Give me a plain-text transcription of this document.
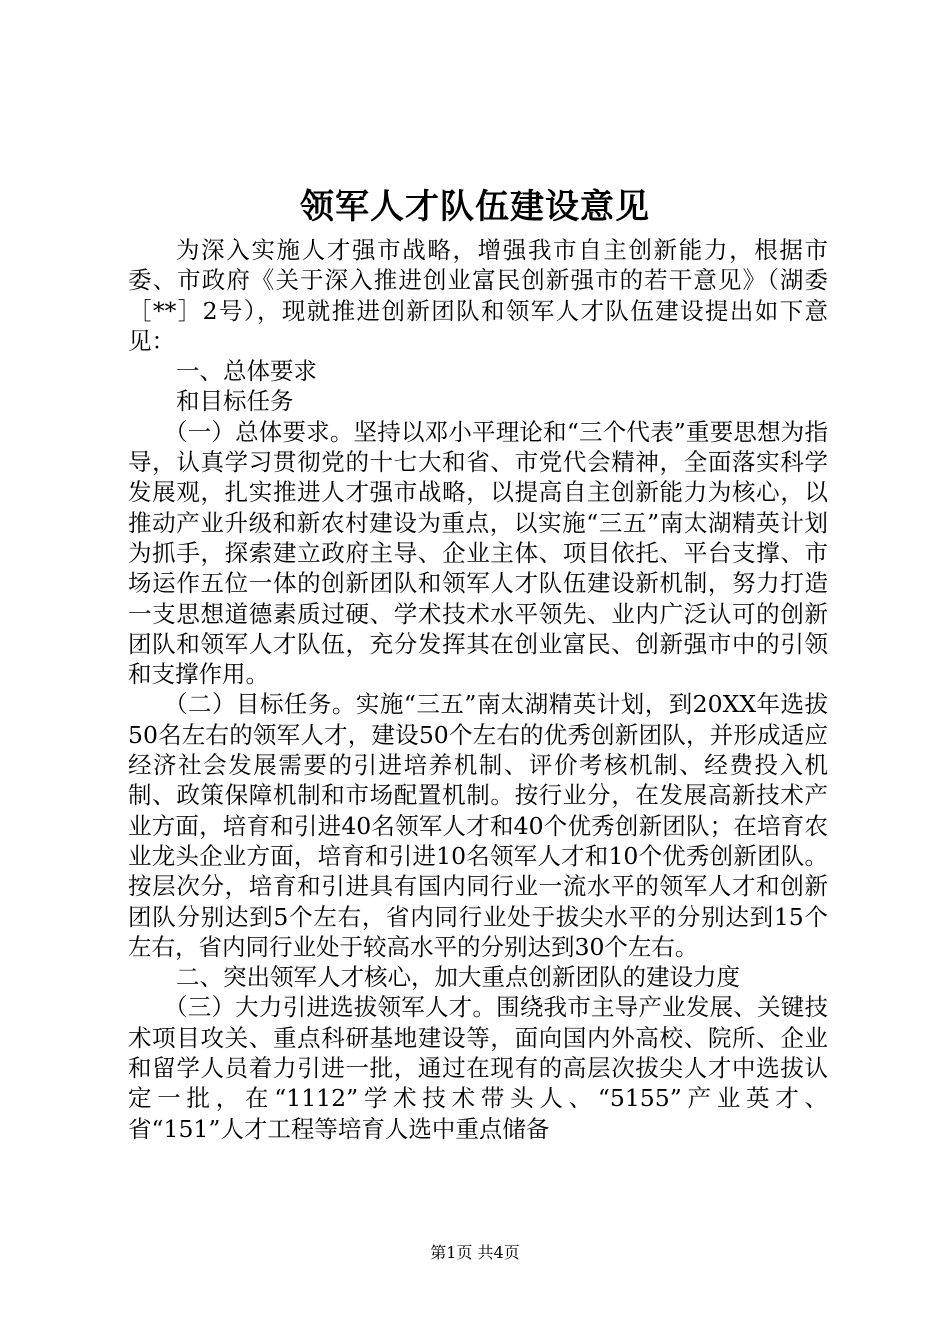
领军人才队伍建设意见

为深入实施人才强市战略，增强我市自主创新能力，根据市委、市政府《关于深入推进创业富民创新强市的若干意见》（湖委［**］2号），现就推进创新团队和领军人才队伍建设提出如下意见：

一、总体要求

和目标任务

（一）总体要求。坚持以邓小平理论和“三个代表”重要思想为指导，认真学习贯彻党的十七大和省、市党代会精神，全面落实科学发展观，扎实推进人才强市战略，以提高自主创新能力为核心，以推动产业升级和新农村建设为重点，以实施“三五”南太湖精英计划为抓手，探索建立政府主导、企业主体、项目依托、平台支撑、市场运作五位一体的创新团队和领军人才队伍建设新机制，努力打造一支思想道德素质过硬、学术技术水平领先、业内广泛认可的创新团队和领军人才队伍，充分发挥其在创业富民、创新强市中的引领和支撑作用。

（二）目标任务。实施“三五”南太湖精英计划，到20XX年选拔50名左右的领军人才，建设50个左右的优秀创新团队，并形成适应经济社会发展需要的引进培养机制、评价考核机制、经费投入机制、政策保障机制和市场配置机制。按行业分，在发展高新技术产业方面，培育和引进40名领军人才和40个优秀创新团队；在培育农业龙头企业方面，培育和引进10名领军人才和10个优秀创新团队。按层次分，培育和引进具有国内同行业一流水平的领军人才和创新团队分别达到5个左右，省内同行业处于拔尖水平的分别达到15个左右，省内同行业处于较高水平的分别达到30个左右。

二、突出领军人才核心，加大重点创新团队的建设力度

（三）大力引进选拔领军人才。围绕我市主导产业发展、关键技术项目攻关、重点科研基地建设等，面向国内外高校、院所、企业和留学人员着力引进一批，通过在现有的高层次拔尖人才中选拔认定一批，在“1112”学术技术带头人、“5155”产业英才、省“151”人才工程等培育人选中重点储备

第1页 共4页
